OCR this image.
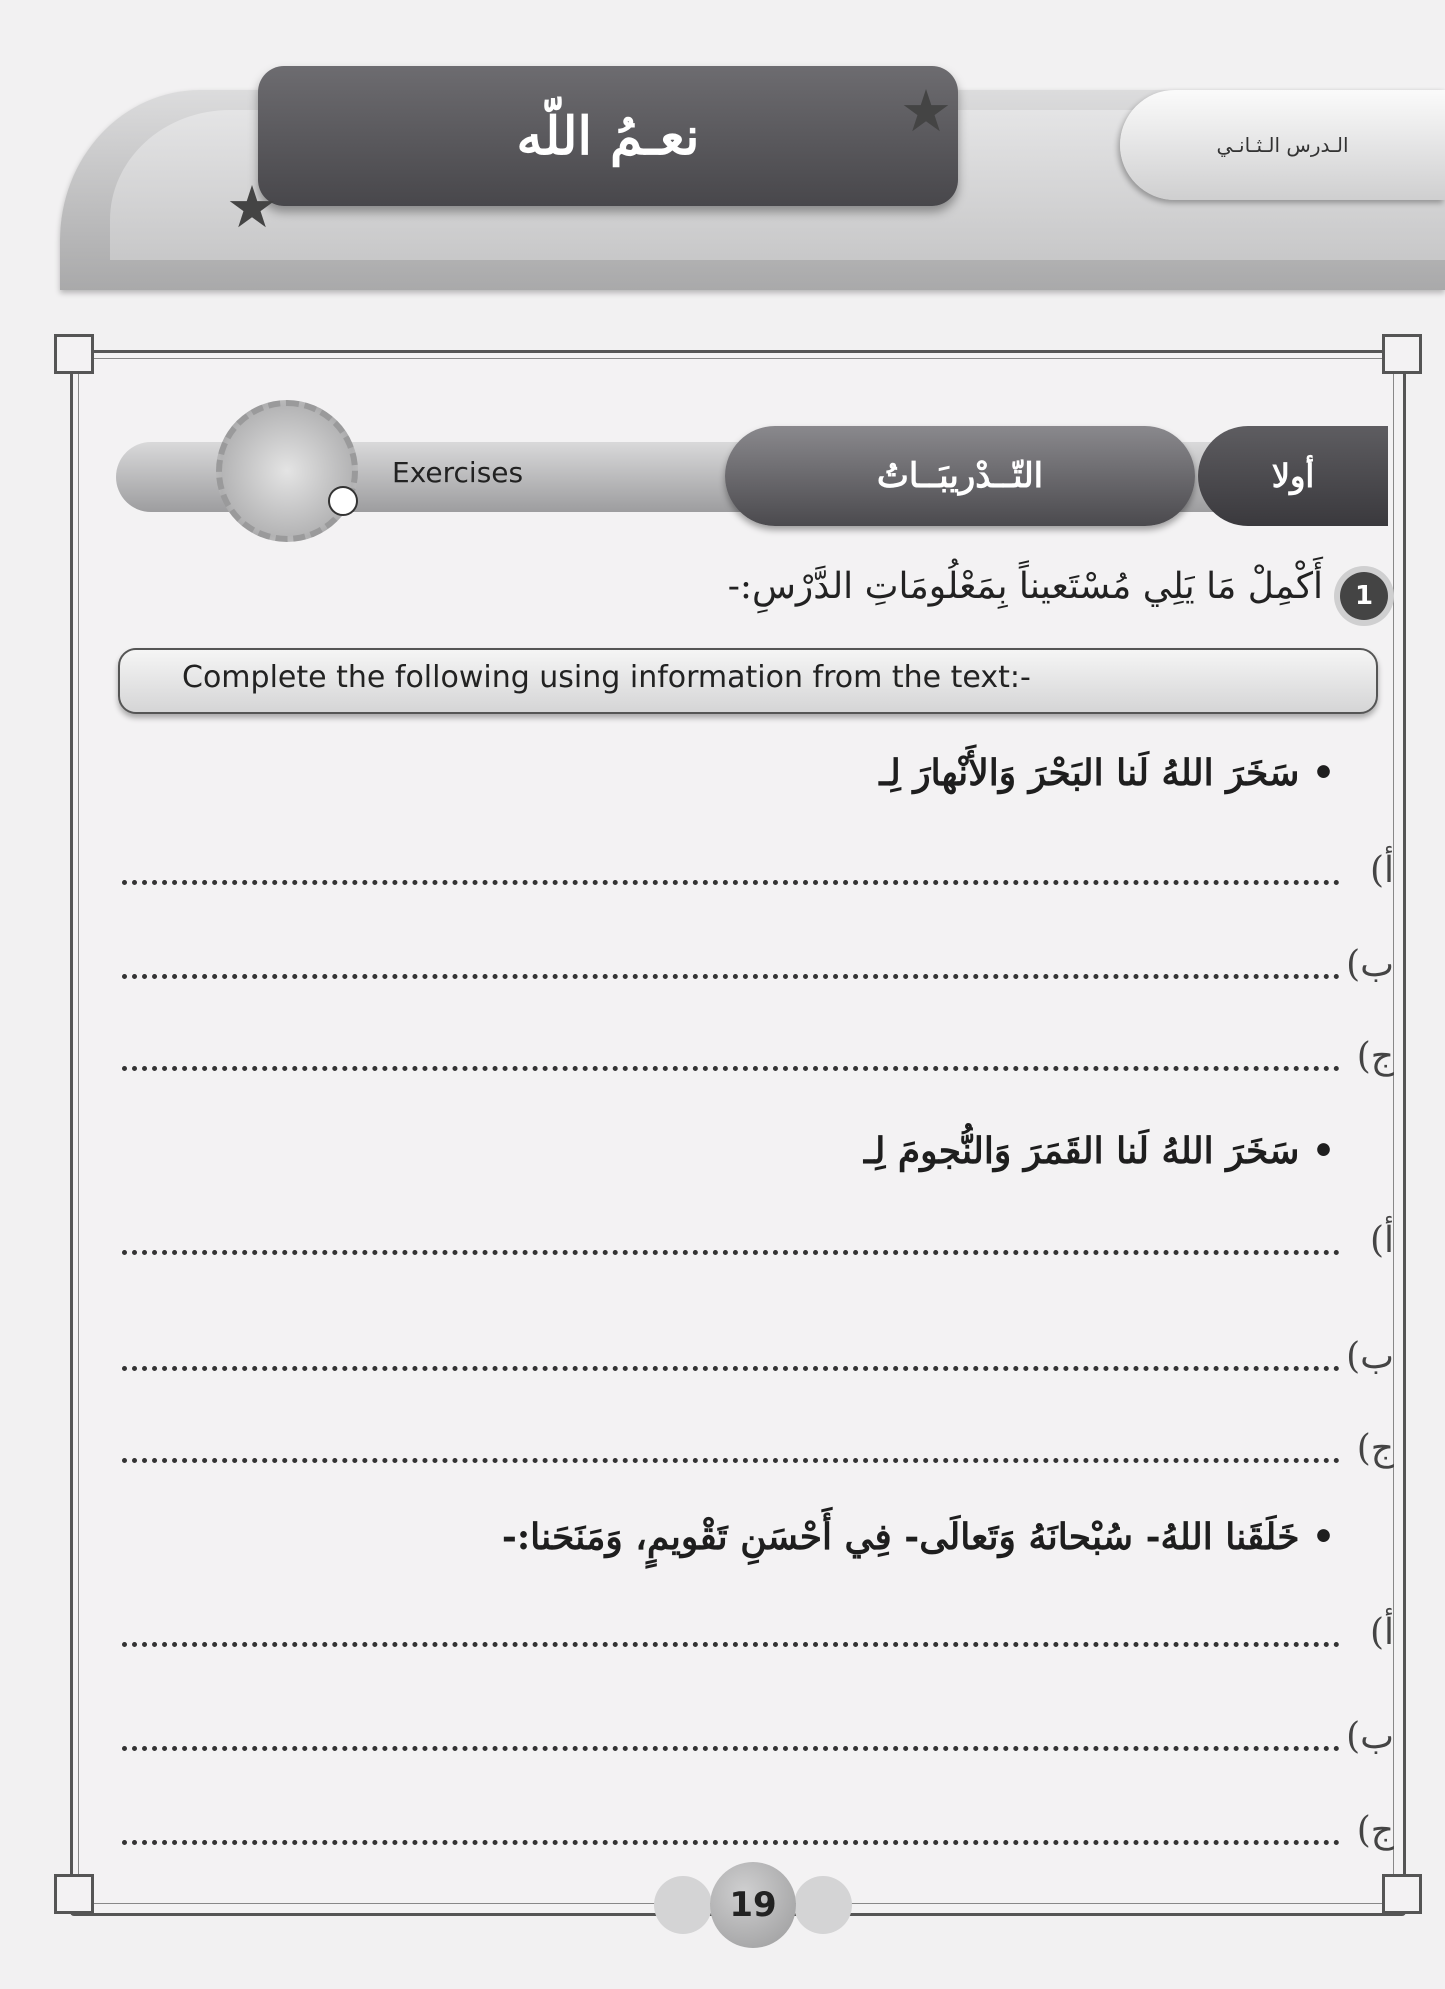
نعـمُ اللّه
★
★	الـدرس الـثـانـي
Exercises	التّــدْريبَــاتُ	أولا
1
أَكْمِلْ مَا يَلِي مُسْتَعيناً بِمَعْلُومَاتِ الدَّرْسِ:-
Complete the following using information from the text:-
• سَخَرَ اللهُ لَنا البَحْرَ وَالأَنْهارَ لِـ
أ)
ب)
ج)
• سَخَرَ اللهُ لَنا القَمَرَ وَالنُّجومَ لِـ
أ)
ب)
ج)
• خَلَقَنا اللهُ- سُبْحانَهُ وَتَعالَى- فِي أَحْسَنِ تَقْويمٍ، وَمَنَحَنا:-
أ)
ب)
ج)
19
